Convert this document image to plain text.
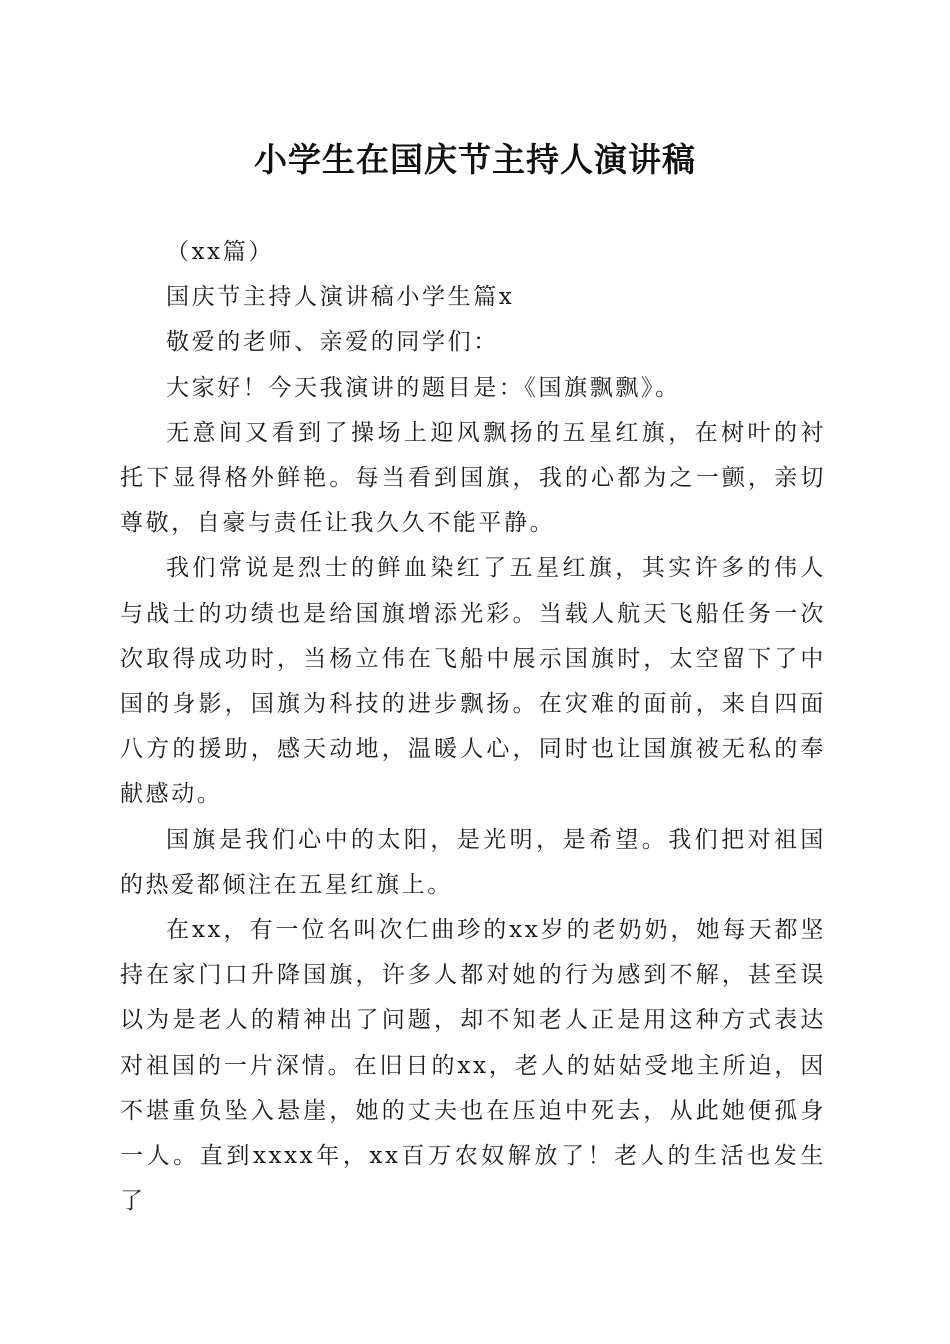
小学生在国庆节主持人演讲稿

（xx篇）

国庆节主持人演讲稿小学生篇x

敬爱的老师、亲爱的同学们：

大家好！今天我演讲的题目是：《国旗飘飘》。

无意间又看到了操场上迎风飘扬的五星红旗，在树叶的衬托下显得格外鲜艳。每当看到国旗，我的心都为之一颤，亲切尊敬，自豪与责任让我久久不能平静。

我们常说是烈士的鲜血染红了五星红旗，其实许多的伟人与战士的功绩也是给国旗增添光彩。当载人航天飞船任务一次次取得成功时，当杨立伟在飞船中展示国旗时，太空留下了中国的身影，国旗为科技的进步飘扬。在灾难的面前，来自四面八方的援助，感天动地，温暖人心，同时也让国旗被无私的奉献感动。

国旗是我们心中的太阳，是光明，是希望。我们把对祖国的热爱都倾注在五星红旗上。

在xx，有一位名叫次仁曲珍的xx岁的老奶奶，她每天都坚持在家门口升降国旗，许多人都对她的行为感到不解，甚至误以为是老人的精神出了问题，却不知老人正是用这种方式表达对祖国的一片深情。在旧日的xx，老人的姑姑受地主所迫，因不堪重负坠入悬崖，她的丈夫也在压迫中死去，从此她便孤身一人。直到xxxx年，xx百万农奴解放了！老人的生活也发生了
